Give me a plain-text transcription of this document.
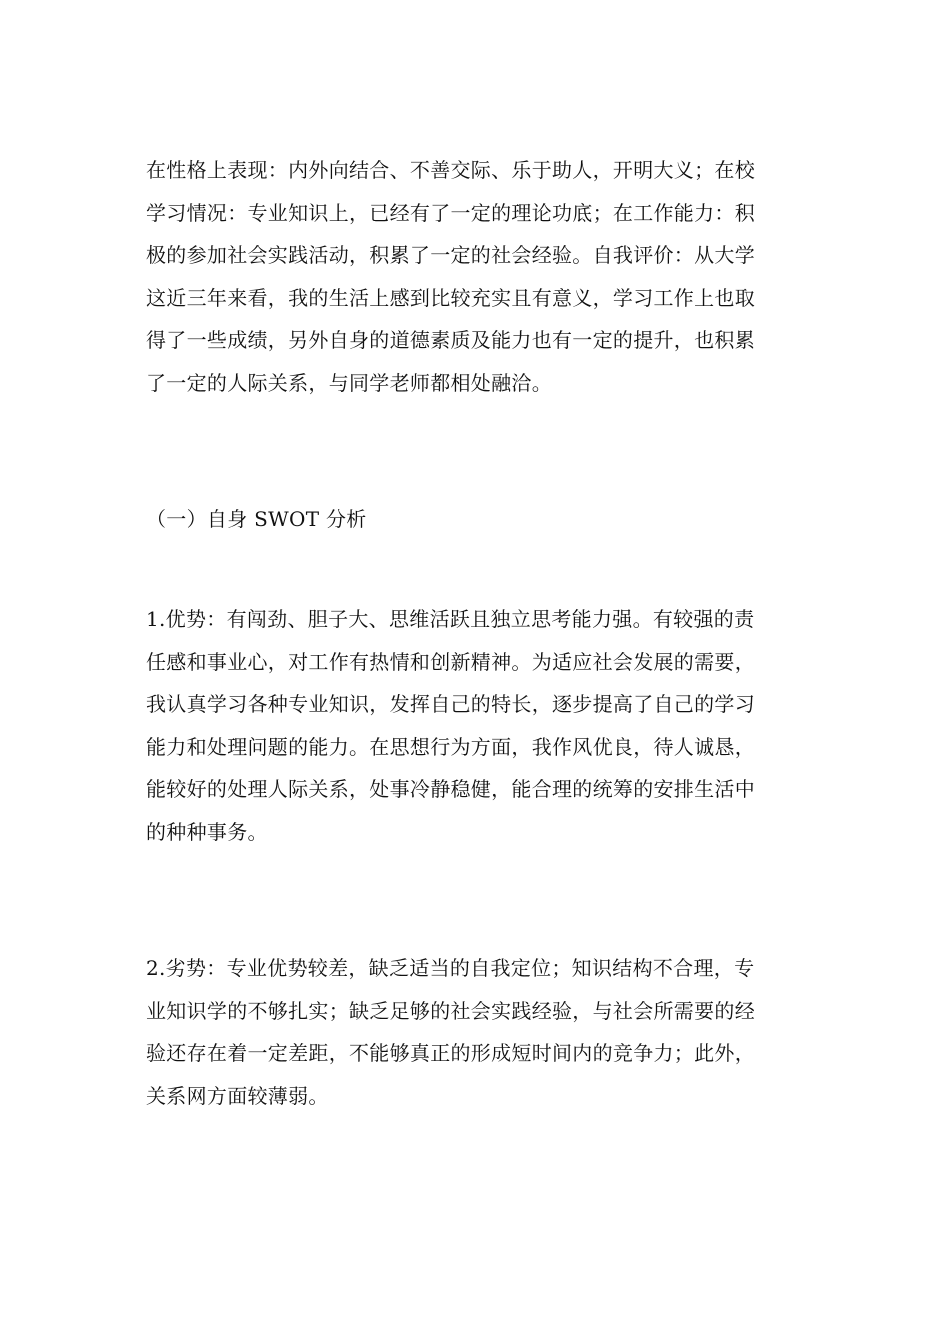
在性格上表现：内外向结合、不善交际、乐于助人，开明大义；在校
学习情况：专业知识上，已经有了一定的理论功底；在工作能力：积
极的参加社会实践活动，积累了一定的社会经验。自我评价：从大学
这近三年来看，我的生活上感到比较充实且有意义，学习工作上也取
得了一些成绩，另外自身的道德素质及能力也有一定的提升，也积累
了一定的人际关系，与同学老师都相处融洽。
（一）自身 SWOT 分析
1.优势：有闯劲、胆子大、思维活跃且独立思考能力强。有较强的责
任感和事业心，对工作有热情和创新精神。为适应社会发展的需要，
我认真学习各种专业知识，发挥自己的特长，逐步提高了自己的学习
能力和处理问题的能力。在思想行为方面，我作风优良，待人诚恳，
能较好的处理人际关系，处事冷静稳健，能合理的统筹的安排生活中
的种种事务。
2.劣势：专业优势较差，缺乏适当的自我定位；知识结构不合理，专
业知识学的不够扎实；缺乏足够的社会实践经验，与社会所需要的经
验还存在着一定差距，不能够真正的形成短时间内的竞争力；此外，
关系网方面较薄弱。
